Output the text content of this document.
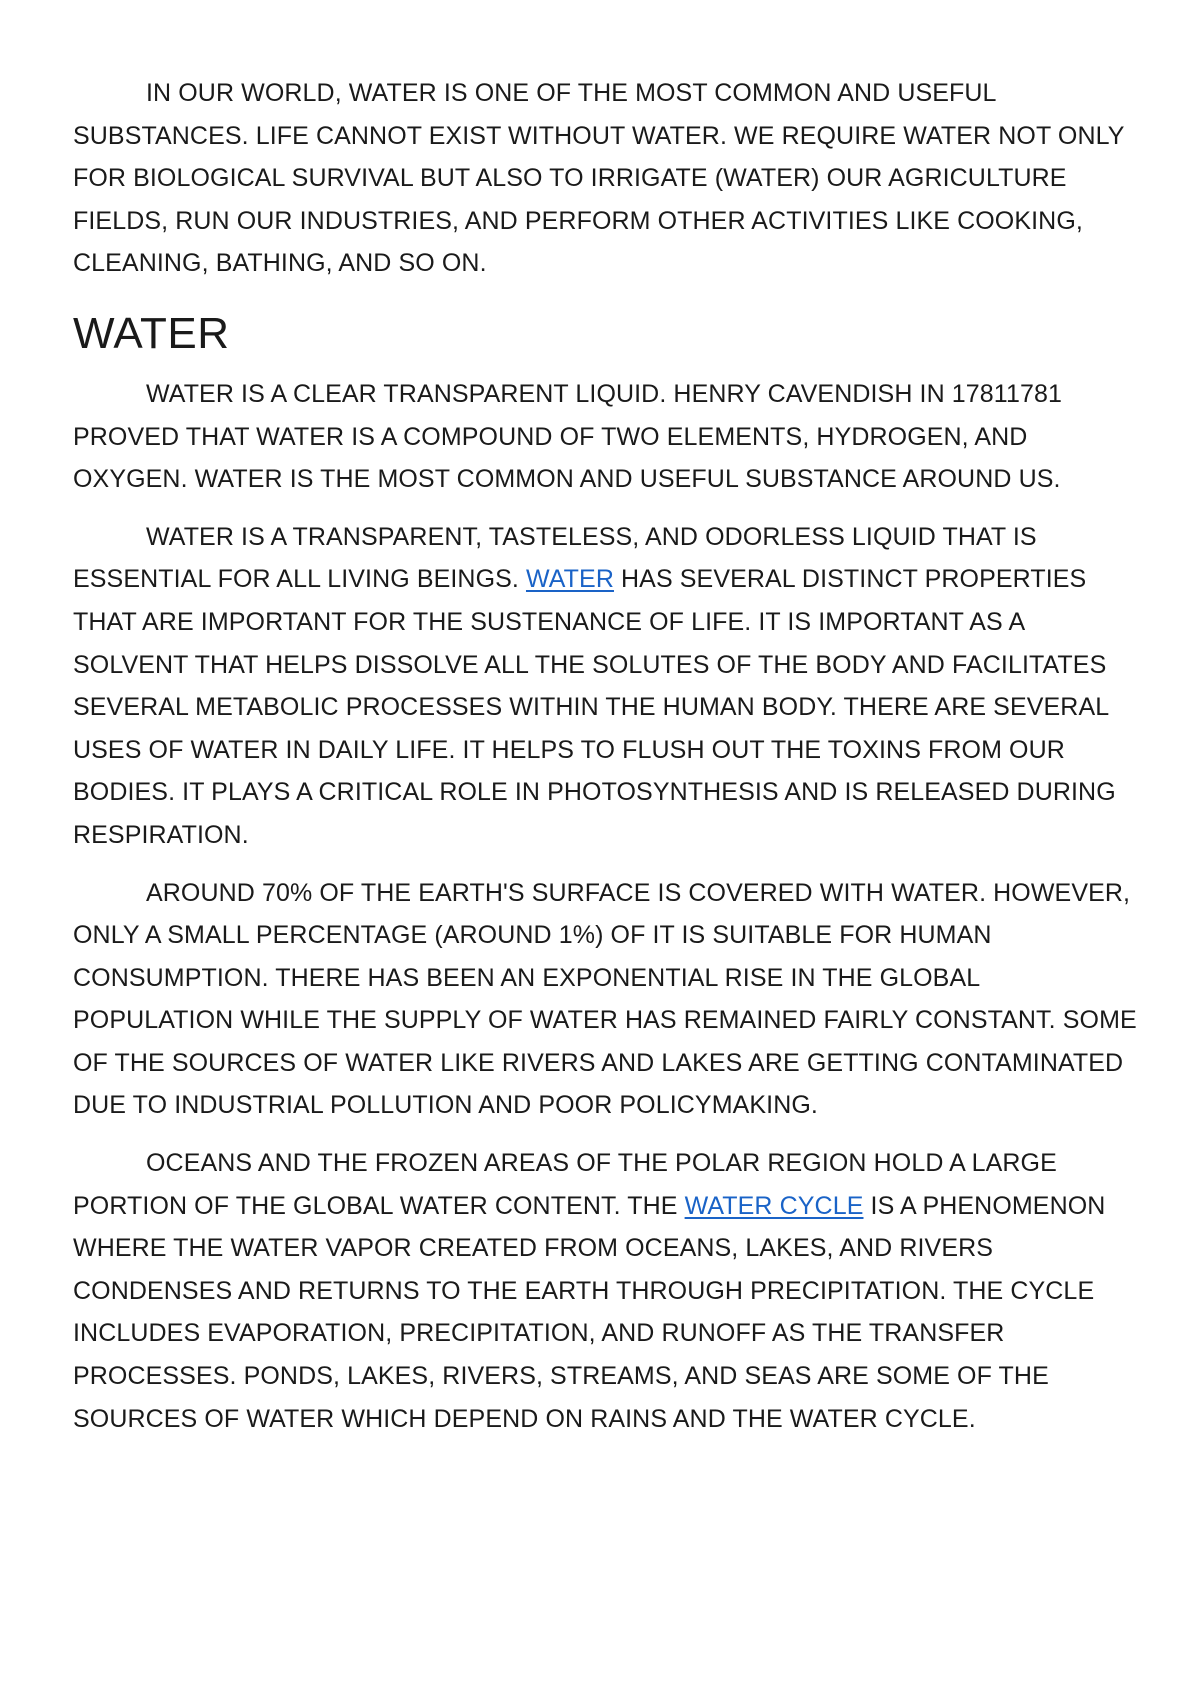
IN OUR WORLD, WATER IS ONE OF THE MOST COMMON AND USEFUL SUBSTANCES. LIFE CANNOT EXIST WITHOUT WATER. WE REQUIRE WATER NOT ONLY FOR BIOLOGICAL SURVIVAL BUT ALSO TO IRRIGATE (WATER) OUR AGRICULTURE FIELDS, RUN OUR INDUSTRIES, AND PERFORM OTHER ACTIVITIES LIKE COOKING, CLEANING, BATHING, AND SO ON.

WATER

WATER IS A CLEAR TRANSPARENT LIQUID. HENRY CAVENDISH IN 17811781 PROVED THAT WATER IS A COMPOUND OF TWO ELEMENTS, HYDROGEN, AND OXYGEN. WATER IS THE MOST COMMON AND USEFUL SUBSTANCE AROUND US.

WATER IS A TRANSPARENT, TASTELESS, AND ODORLESS LIQUID THAT IS ESSENTIAL FOR ALL LIVING BEINGS. WATER HAS SEVERAL DISTINCT PROPERTIES THAT ARE IMPORTANT FOR THE SUSTENANCE OF LIFE. IT IS IMPORTANT AS A SOLVENT THAT HELPS DISSOLVE ALL THE SOLUTES OF THE BODY AND FACILITATES SEVERAL METABOLIC PROCESSES WITHIN THE HUMAN BODY. THERE ARE SEVERAL USES OF WATER IN DAILY LIFE. IT HELPS TO FLUSH OUT THE TOXINS FROM OUR BODIES. IT PLAYS A CRITICAL ROLE IN PHOTOSYNTHESIS AND IS RELEASED DURING RESPIRATION.

AROUND 70% OF THE EARTH'S SURFACE IS COVERED WITH WATER. HOWEVER, ONLY A SMALL PERCENTAGE (AROUND 1%) OF IT IS SUITABLE FOR HUMAN CONSUMPTION. THERE HAS BEEN AN EXPONENTIAL RISE IN THE GLOBAL POPULATION WHILE THE SUPPLY OF WATER HAS REMAINED FAIRLY CONSTANT. SOME OF THE SOURCES OF WATER LIKE RIVERS AND LAKES ARE GETTING CONTAMINATED DUE TO INDUSTRIAL POLLUTION AND POOR POLICYMAKING.

OCEANS AND THE FROZEN AREAS OF THE POLAR REGION HOLD A LARGE PORTION OF THE GLOBAL WATER CONTENT. THE WATER CYCLE IS A PHENOMENON WHERE THE WATER VAPOR CREATED FROM OCEANS, LAKES, AND RIVERS CONDENSES AND RETURNS TO THE EARTH THROUGH PRECIPITATION. THE CYCLE INCLUDES EVAPORATION, PRECIPITATION, AND RUNOFF AS THE TRANSFER PROCESSES. PONDS, LAKES, RIVERS, STREAMS, AND SEAS ARE SOME OF THE SOURCES OF WATER WHICH DEPEND ON RAINS AND THE WATER CYCLE.
